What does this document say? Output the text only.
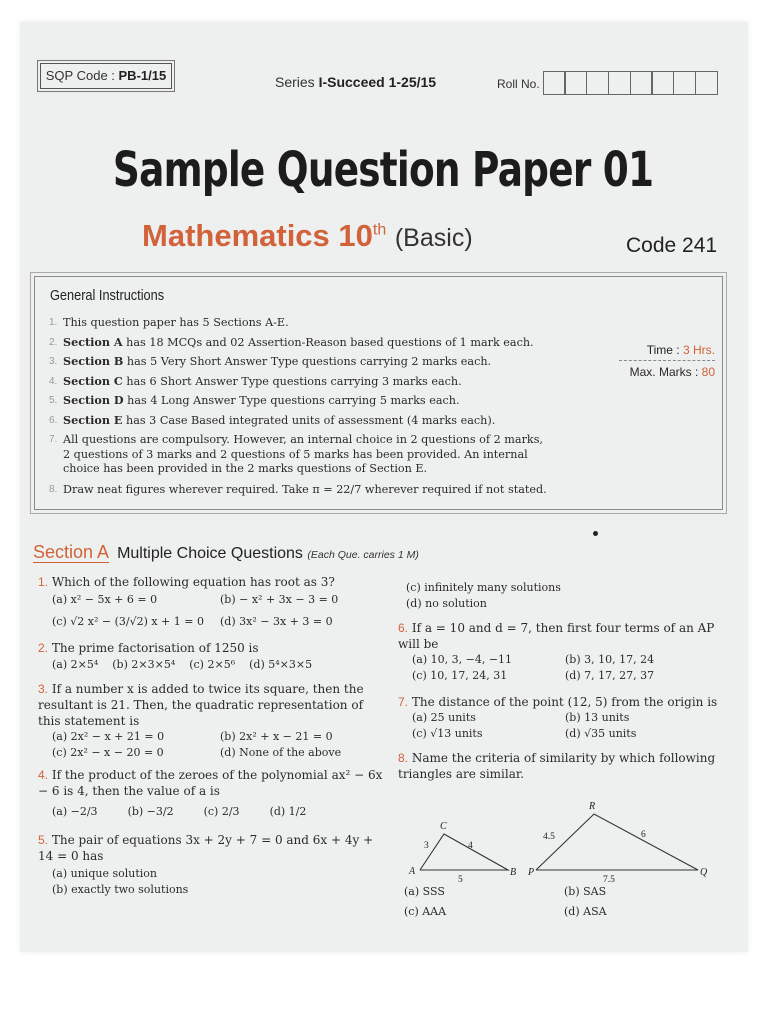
SQP Code : PB-1/15	Series I-Succeed 1-25/15	Roll No.
Sample Question Paper 01
Mathematics 10th (Basic)	Code 241
General Instructions
1. This question paper has 5 Sections A-E.
2. Section A has 18 MCQs and 02 Assertion-Reason based questions of 1 mark each.
3. Section B has 5 Very Short Answer Type questions carrying 2 marks each.
4. Section C has 6 Short Answer Type questions carrying 3 marks each.
5. Section D has 4 Long Answer Type questions carrying 5 marks each.
6. Section E has 3 Case Based integrated units of assessment (4 marks each).
7. All questions are compulsory. However, an internal choice in 2 questions of 2 marks, 2 questions of 3 marks and 2 questions of 5 marks has been provided. An internal choice has been provided in the 2 marks questions of Section E.
8. Draw neat figures wherever required. Take π = 22/7 wherever required if not stated.
Time : 3 Hrs.
Max. Marks : 80
Section A Multiple Choice Questions (Each Que. carries 1 M)
1. Which of the following equation has root as 3?
(a) x² − 5x + 6 = 0	(b) − x² + 3x − 3 = 0
(c) √2 x² − (3/√2) x + 1 = 0	(d) 3x² − 3x + 3 = 0
2. The prime factorisation of 1250 is
(a) 2×5⁴ (b) 2×3×5⁴ (c) 2×5⁶ (d) 5⁴×3×5
3. If a number x is added to twice its square, then the resultant is 21. Then, the quadratic representation of this statement is
(a) 2x² − x + 21 = 0	(b) 2x² + x − 21 = 0
(c) 2x² − x − 20 = 0	(d) None of the above
4. If the product of the zeroes of the polynomial ax² − 6x − 6 is 4, then the value of a is
(a) −2/3	(b) −3/2	(c) 2/3	(d) 1/2
5. The pair of equations 3x + 2y + 7 = 0 and 6x + 4y + 14 = 0 has
(a) unique solution
(b) exactly two solutions
(c) infinitely many solutions
(d) no solution
6. If a = 10 and d = 7, then first four terms of an AP will be
(a) 10, 3, −4, −11	(b) 3, 10, 17, 24
(c) 10, 17, 24, 31	(d) 7, 17, 27, 37
7. The distance of the point (12, 5) from the origin is
(a) 25 units	(b) 13 units
(c) √13 units	(d) √35 units
8. Name the criteria of similarity by which following triangles are similar.
A
C
B P
R
Q
3	4
5
4.5	6
7.5
(a) SSS	(b) SAS
(c) AAA	(d) ASA
